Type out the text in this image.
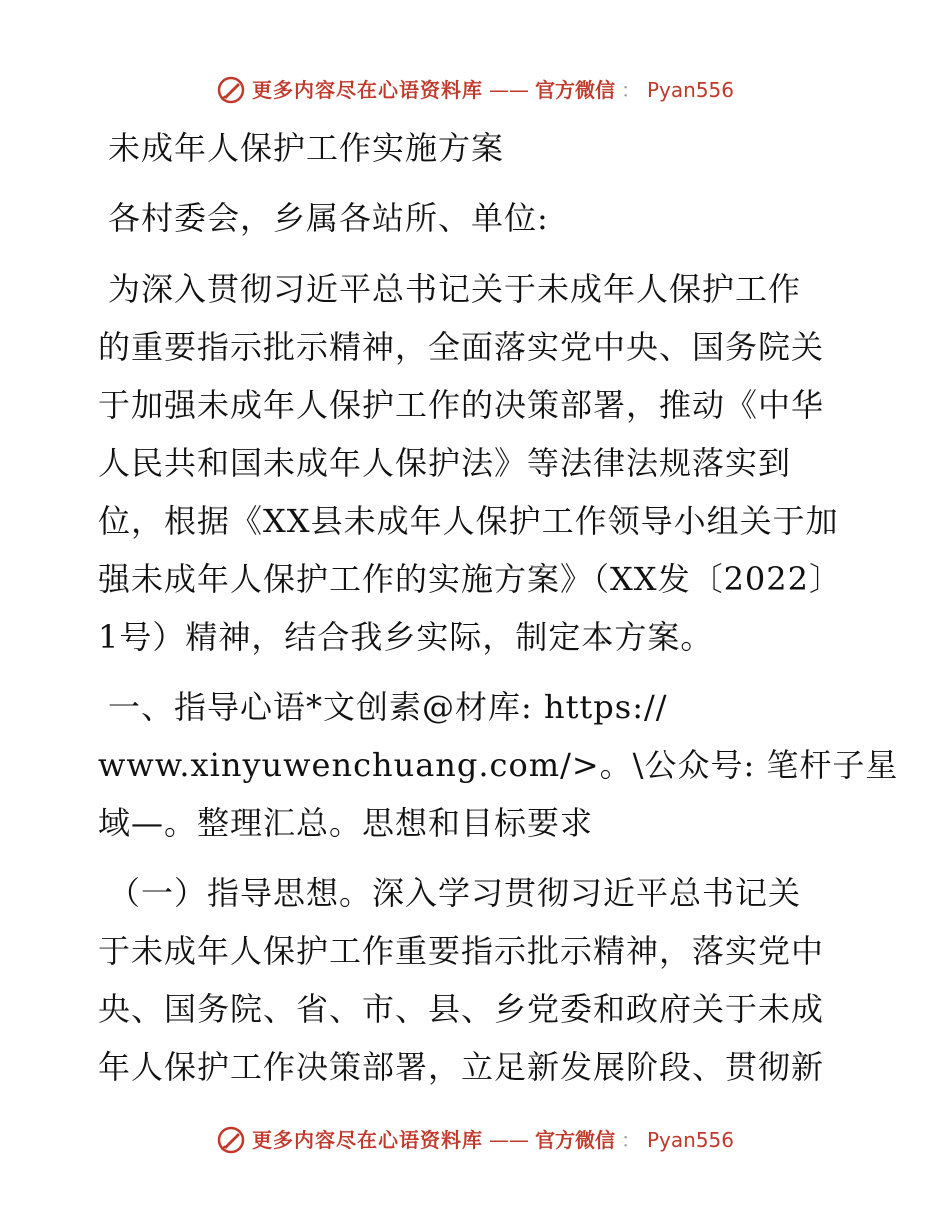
更多内容尽在心语资料库 —— 官方微信 ： Pyan556
未成年人保护工作实施方案
各村委会，乡属各站所、单位:
为深入贯彻习近平总书记关于未成年人保护工作
的重要指示批示精神，全面落实党中央、国务院关
于加强未成年人保护工作的决策部署，推动《中华
人民共和国未成年人保护法》等法律法规落实到
位，根据《XX县未成年人保护工作领导小组关于加
强未成年人保护工作的实施方案》（XX发〔2022〕
1号）精神，结合我乡实际，制定本方案。
一、指导心语*文创素@材库: https://
www.xinyuwenchuang.com/>。\公众号: 笔杆子星
域—。整理汇总。思想和目标要求
（一）指导思想。深入学习贯彻习近平总书记关
于未成年人保护工作重要指示批示精神，落实党中
央、国务院、省、市、县、乡党委和政府关于未成
年人保护工作决策部署，立足新发展阶段、贯彻新
更多内容尽在心语资料库 —— 官方微信 ： Pyan556
